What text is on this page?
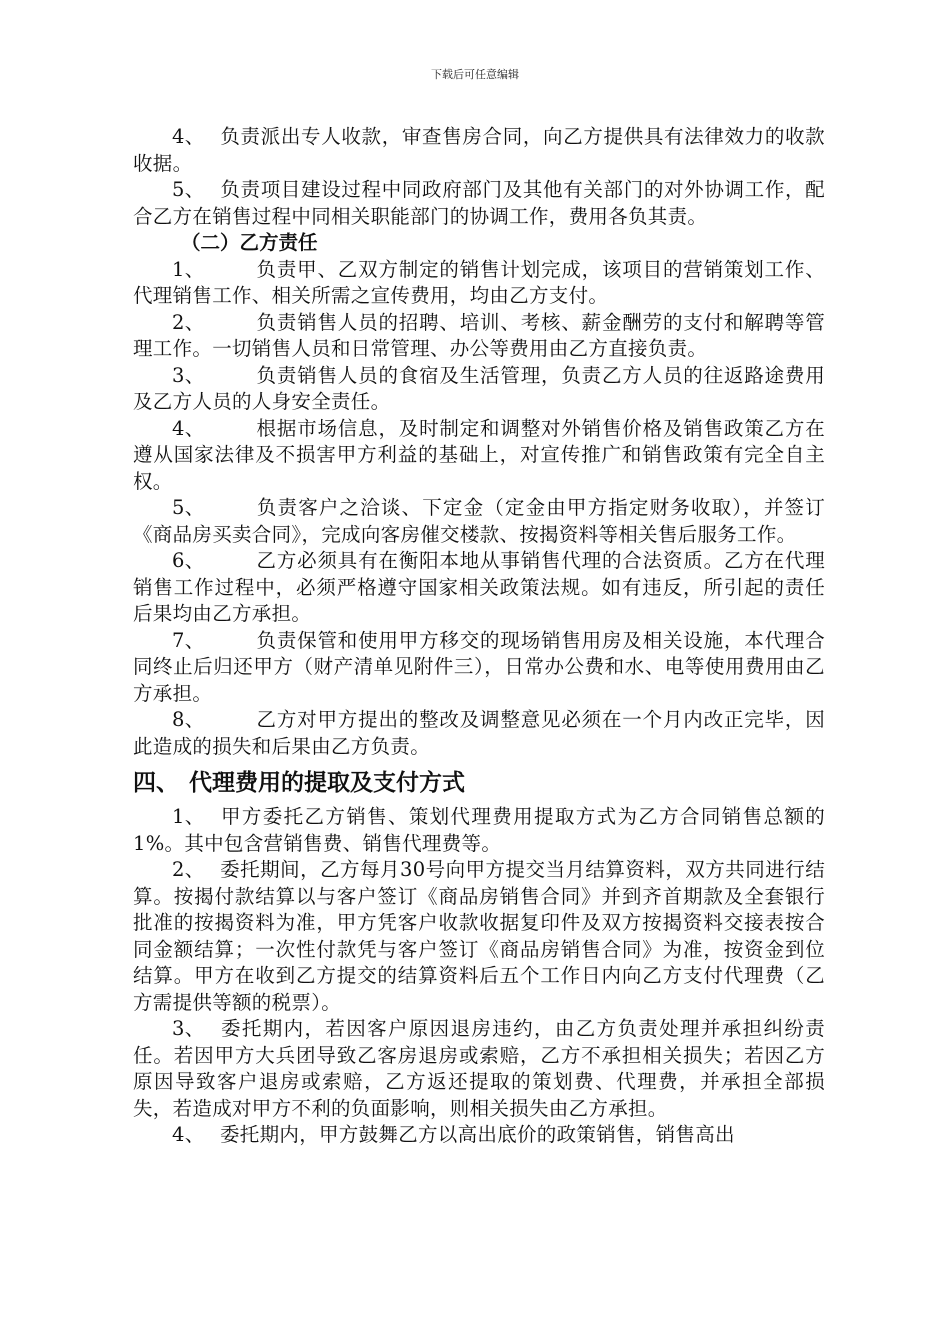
下载后可任意编辑

4、 负责派出专人收款，审查售房合同，向乙方提供具有法律效力的收款收据。

5、 负责项目建设过程中同政府部门及其他有关部门的对外协调工作，配合乙方在销售过程中同相关职能部门的协调工作，费用各负其责。

（二）乙方责任

1、	负责甲、乙双方制定的销售计划完成，该项目的营销策划工作、代理销售工作、相关所需之宣传费用，均由乙方支付。

2、	负责销售人员的招聘、培训、考核、薪金酬劳的支付和解聘等管理工作。一切销售人员和日常管理、办公等费用由乙方直接负责。

3、	负责销售人员的食宿及生活管理，负责乙方人员的往返路途费用及乙方人员的人身安全责任。

4、	根据市场信息，及时制定和调整对外销售价格及销售政策乙方在遵从国家法律及不损害甲方利益的基础上，对宣传推广和销售政策有完全自主权。

5、	负责客户之洽谈、下定金（定金由甲方指定财务收取），并签订《商品房买卖合同》，完成向客房催交楼款、按揭资料等相关售后服务工作。

6、	乙方必须具有在衡阳本地从事销售代理的合法资质。乙方在代理销售工作过程中，必须严格遵守国家相关政策法规。如有违反，所引起的责任后果均由乙方承担。

7、	负责保管和使用甲方移交的现场销售用房及相关设施，本代理合同终止后归还甲方（财产清单见附件三），日常办公费和水、电等使用费用由乙方承担。

8、	乙方对甲方提出的整改及调整意见必须在一个月内改正完毕，因此造成的损失和后果由乙方负责。

四、 代理费用的提取及支付方式

1、 甲方委托乙方销售、策划代理费用提取方式为乙方合同销售总额的1%。其中包含营销售费、销售代理费等。

2、 委托期间，乙方每月30号向甲方提交当月结算资料，双方共同进行结算。按揭付款结算以与客户签订《商品房销售合同》并到齐首期款及全套银行批准的按揭资料为准，甲方凭客户收款收据复印件及双方按揭资料交接表按合同金额结算；一次性付款凭与客户签订《商品房销售合同》为准，按资金到位结算。甲方在收到乙方提交的结算资料后五个工作日内向乙方支付代理费（乙方需提供等额的税票）。

3、 委托期内，若因客户原因退房违约，由乙方负责处理并承担纠纷责任。若因甲方大兵团导致乙客房退房或索赔，乙方不承担相关损失；若因乙方原因导致客户退房或索赔，乙方返还提取的策划费、代理费，并承担全部损失，若造成对甲方不利的负面影响，则相关损失由乙方承担。

4、 委托期内，甲方鼓舞乙方以高出底价的政策销售，销售高出
